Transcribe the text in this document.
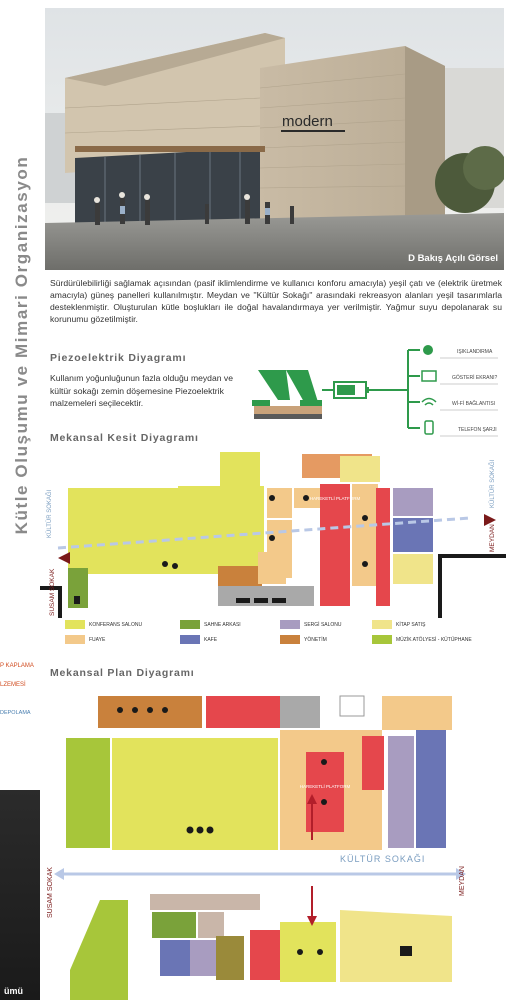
Kütle Oluşumu ve Mimari Organizasyon
P KAPLAMA
LZEMESİ
DEPOLAMA
ümü
modern
D Bakış Açılı Görsel
Sürdürülebilirliği sağlamak açısından (pasif iklimlendirme ve kullanıcı konforu amacıyla) yeşil çatı ve (elektrik üretmek amacıyla) güneş panelleri kullanılmıştır. Meydan ve ''Kültür Sokağı'' arasındaki rekreasyon alanları yeşil tasarımlarla desteklenmiştir. Oluşturulan kütle boşlukları ile doğal havalandırmaya yer verilmiştir. Yağmur suyu depolanarak su korunumu gözetilmiştir.
Piezoelektrik Diyagramı
Kullanım yoğunluğunun fazla olduğu meydan ve kültür sokağı zemin döşemesine Piezoelektrik malzemeleri seçilecektir.
IŞIKLANDIRMA
GÖSTERİ EKRANI?
Wİ-Fİ BAĞLANTISI
TELEFON ŞARJI
Mekansal Kesit Diyagramı
SUSAM SOKAK
KÜLTÜR SOKAĞI
MEYDAN
KÜLTÜR SOKAĞI
HAREKETLİ PLATFORM
KONFERANS SALONU	SAHNE ARKASI	SERGİ SALONU	KİTAP SATIŞ
FUAYE	KAFE	YÖNETİM	MÜZİK ATÖLYESİ - KÜTÜPHANE
Mekansal Plan Diyagramı
KÜLTÜR SOKAĞI
SUSAM SOKAK	MEYDAN
HAREKETLİ PLATFORM
